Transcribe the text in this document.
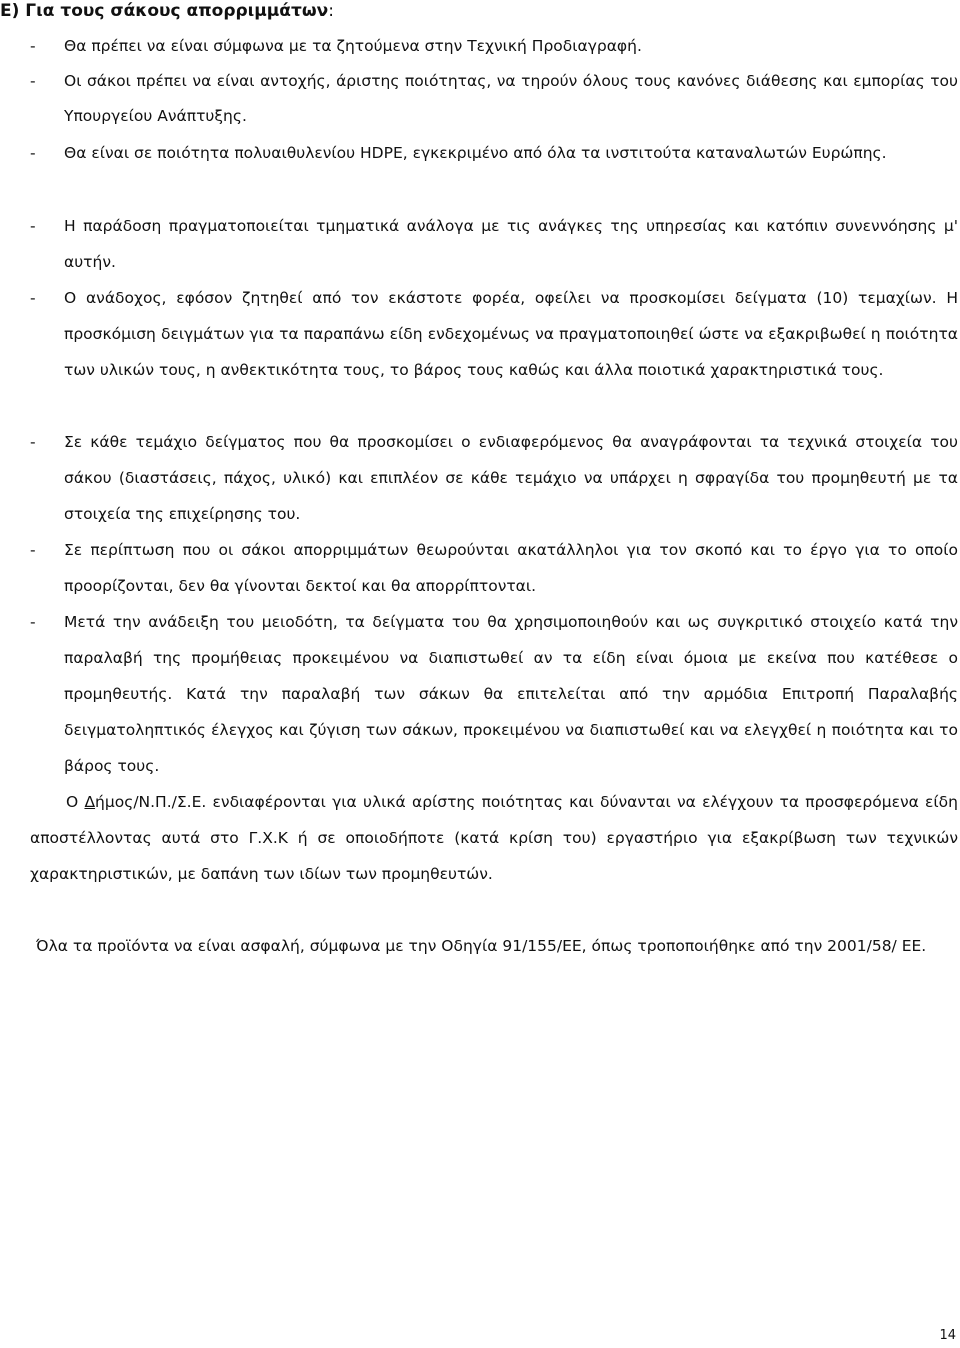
Ε) Για τους σάκους απορριμμάτων:
-	Θα πρέπει να είναι σύμφωνα με τα ζητούμενα στην Τεχνική Προδιαγραφή.
-	Οι σάκοι πρέπει να είναι αντοχής, άριστης ποιότητας, να τηρούν όλους τους κανόνες διάθεσης και εμπορίας του Υπουργείου Ανάπτυξης.
-	Θα είναι σε ποιότητα πολυαιθυλενίου HDPE, εγκεκριμένο από όλα τα ινστιτούτα καταναλωτών Ευρώπης.
-	Η παράδοση πραγματοποιείται τμηματικά ανάλογα με τις ανάγκες της υπηρεσίας και κατόπιν συνεννόησης μ' αυτήν.
-	Ο ανάδοχος, εφόσον ζητηθεί από τον εκάστοτε φορέα, οφείλει να προσκομίσει δείγματα (10) τεμαχίων. Η προσκόμιση δειγμάτων για τα παραπάνω είδη ενδεχομένως να πραγματοποιηθεί ώστε να εξακριβωθεί η ποιότητα των υλικών τους, η ανθεκτικότητα τους, το βάρος τους καθώς και άλλα ποιοτικά χαρακτηριστικά τους.
-	Σε κάθε τεμάχιο δείγματος που θα προσκομίσει ο ενδιαφερόμενος θα αναγράφονται τα τεχνικά στοιχεία του σάκου (διαστάσεις, πάχος, υλικό) και επιπλέον σε κάθε τεμάχιο να υπάρχει η σφραγίδα του προμηθευτή με τα στοιχεία της επιχείρησης του.
-	Σε περίπτωση που οι σάκοι απορριμμάτων θεωρούνται ακατάλληλοι για τον σκοπό και το έργο για το οποίο προορίζονται, δεν θα γίνονται δεκτοί και θα απορρίπτονται.
-	Μετά την ανάδειξη του μειοδότη, τα δείγματα του θα χρησιμοποιηθούν και ως συγκριτικό στοιχείο κατά την παραλαβή της προμήθειας προκειμένου να διαπιστωθεί αν τα είδη είναι όμοια με εκείνα που κατέθεσε ο προμηθευτής. Κατά την παραλαβή των σάκων θα επιτελείται από την αρμόδια Επιτροπή Παραλαβής δειγματοληπτικός έλεγχος και ζύγιση των σάκων, προκειμένου να διαπιστωθεί και να ελεγχθεί η ποιότητα και το βάρος τους.

Ο Δήμος/Ν.Π./Σ.Ε. ενδιαφέρονται για υλικά αρίστης ποιότητας και δύνανται να ελέγχουν τα προσφερόμενα είδη αποστέλλοντας αυτά στο Γ.Χ.Κ ή σε οποιοδήποτε (κατά κρίση του) εργαστήριο για εξακρίβωση των τεχνικών χαρακτηριστικών, με δαπάνη των ιδίων των προμηθευτών.

Όλα τα προϊόντα να είναι ασφαλή, σύμφωνα με την Οδηγία 91/155/ΕΕ, όπως τροποποιήθηκε από την 2001/58/ ΕΕ.

14
